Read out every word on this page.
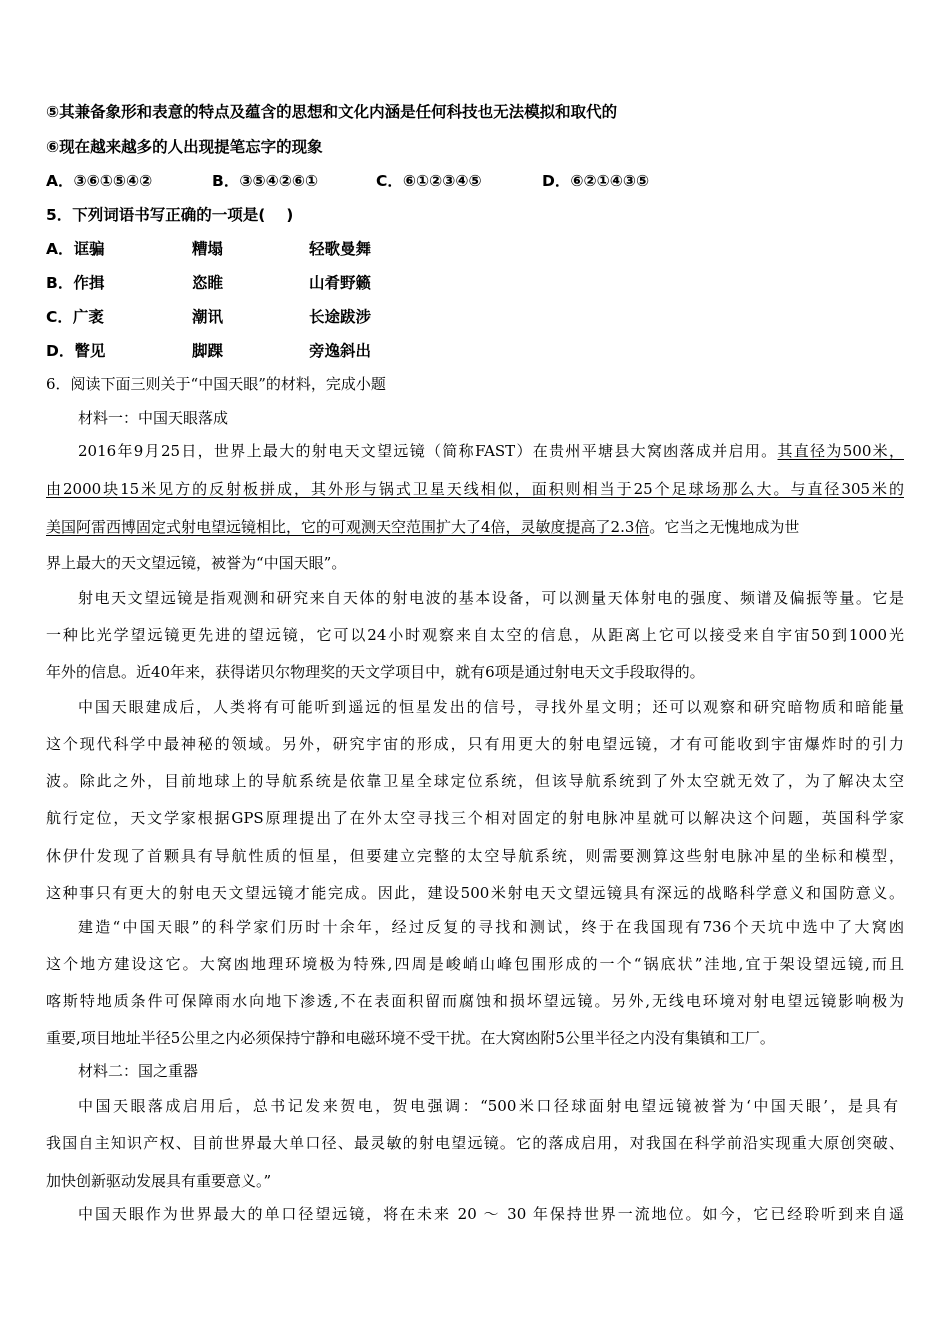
⑤其兼备象形和表意的特点及蕴含的思想和文化内涵是任何科技也无法模拟和取代的
⑥现在越来越多的人出现提笔忘字的现象
A．③⑥①⑤④②	B．③⑤④②⑥①	C．⑥①②③④⑤	D．⑥②①④③⑤
5．下列词语书写正确的一项是(　 )
A．诓骗	糟塌	轻歌曼舞
B．作揖	恣睢	山肴野籁
C．广袤	潮讯	长途跋涉
D．瞥见	脚踝	旁逸斜出
6．阅读下面三则关于“中国天眼”的材料，完成小题
材料一：中国天眼落成
2016年9月25日，世界上最大的射电天文望远镜（简称FAST）在贵州平塘县大窝凼落成并启用。其直径为500米，
由2000块15米见方的反射板拼成，其外形与锅式卫星天线相似，面积则相当于25个足球场那么大。与直径305米的
美国阿雷西博固定式射电望远镜相比，它的可观测天空范围扩大了4倍，灵敏度提高了2.3倍。它当之无愧地成为世
界上最大的天文望远镜，被誉为“中国天眼”。
射电天文望远镜是指观测和研究来自天体的射电波的基本设备，可以测量天体射电的强度、频谱及偏振等量。它是
一种比光学望远镜更先进的望远镜，它可以24小时观察来自太空的信息，从距离上它可以接受来自宇宙50到1000光
年外的信息。近40年来，获得诺贝尔物理奖的天文学项目中，就有6项是通过射电天文手段取得的。
中国天眼建成后，人类将有可能听到遥远的恒星发出的信号，寻找外星文明；还可以观察和研究暗物质和暗能量
这个现代科学中最神秘的领域。另外，研究宇宙的形成，只有用更大的射电望远镜，才有可能收到宇宙爆炸时的引力
波。除此之外，目前地球上的导航系统是依靠卫星全球定位系统，但该导航系统到了外太空就无效了，为了解决太空
航行定位，天文学家根据GPS原理提出了在外太空寻找三个相对固定的射电脉冲星就可以解决这个问题，英国科学家
休伊什发现了首颗具有导航性质的恒星，但要建立完整的太空导航系统，则需要测算这些射电脉冲星的坐标和模型，
这种事只有更大的射电天文望远镜才能完成。因此，建设500米射电天文望远镜具有深远的战略科学意义和国防意义。
建造“中国天眼”的科学家们历时十余年，经过反复的寻找和测试，终于在我国现有736个天坑中选中了大窝凼
这个地方建设这它。大窝凼地理环境极为特殊,四周是峻峭山峰包围形成的一个“锅底状”洼地,宜于架设望远镜,而且
喀斯特地质条件可保障雨水向地下渗透,不在表面积留而腐蚀和损坏望远镜。另外,无线电环境对射电望远镜影响极为
重要,项目地址半径5公里之内必须保持宁静和电磁环境不受干扰。在大窝凼附5公里半径之内没有集镇和工厂。
材料二：国之重器
中国天眼落成启用后，总书记发来贺电，贺电强调：“500米口径球面射电望远镜被誉为‘中国天眼’，是具有
我国自主知识产权、目前世界最大单口径、最灵敏的射电望远镜。它的落成启用，对我国在科学前沿实现重大原创突破、
加快创新驱动发展具有重要意义。”
中国天眼作为世界最大的单口径望远镜，将在未来 20 ～ 30 年保持世界一流地位。如今，它已经聆听到来自遥
